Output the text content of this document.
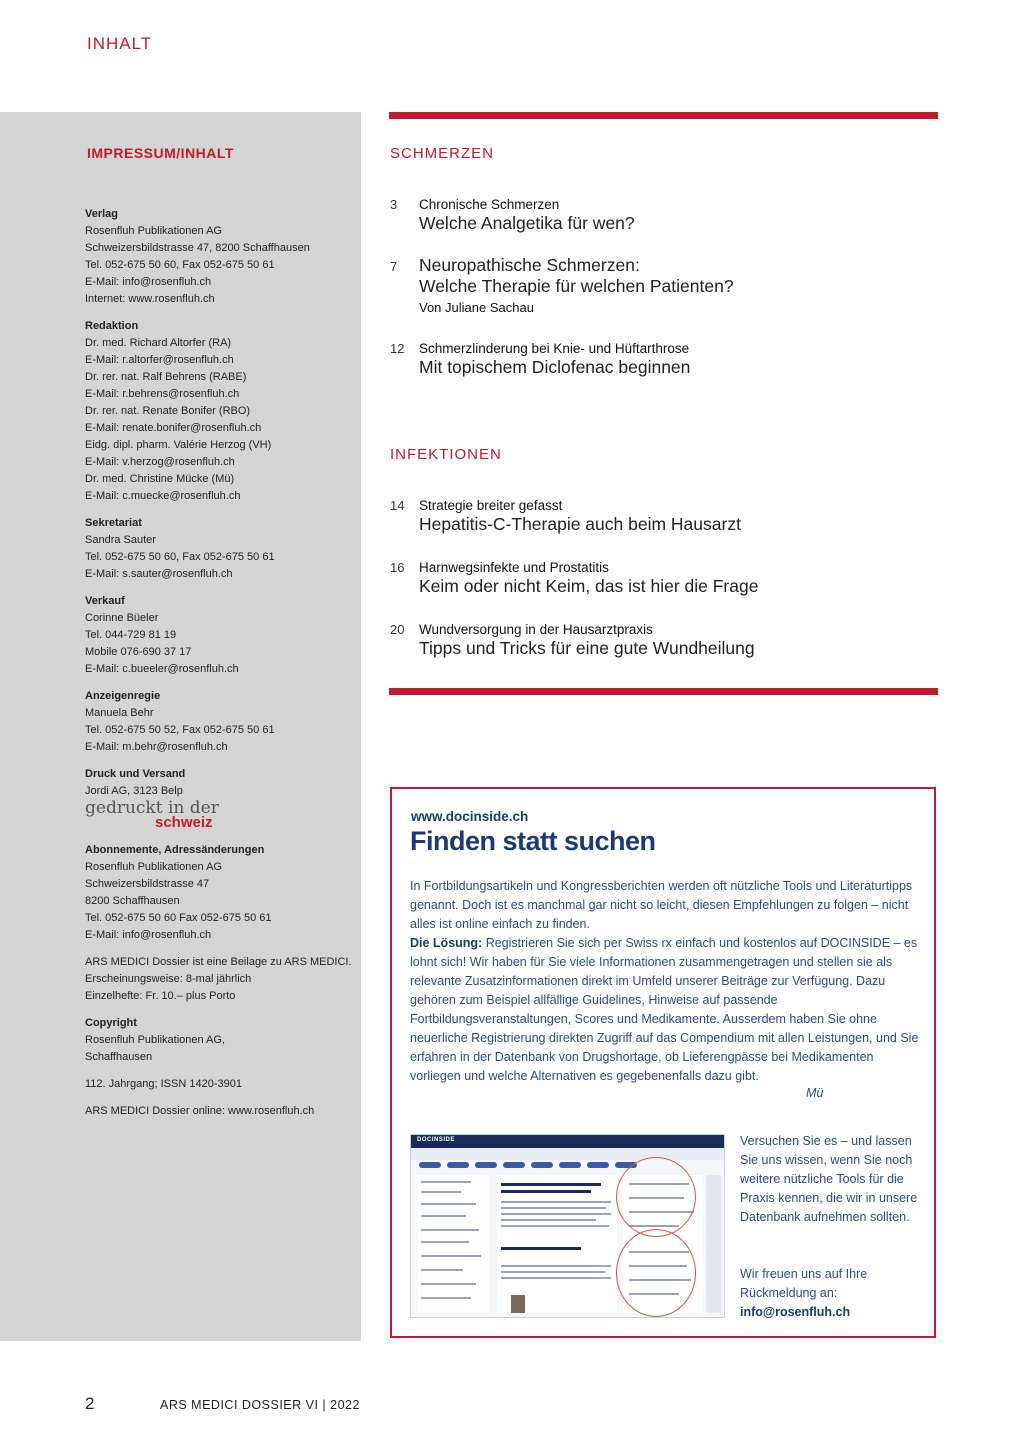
INHALT
IMPRESSUM/INHALT
Verlag
Rosenfluh Publikationen AG
Schweizersbildstrasse 47, 8200 Schaffhausen
Tel. 052-675 50 60, Fax 052-675 50 61
E-Mail: info@rosenfluh.ch
Internet: www.rosenfluh.ch
Redaktion
Dr. med. Richard Altorfer (RA)
E-Mail: r.altorfer@rosenfluh.ch
Dr. rer. nat. Ralf Behrens (RABE)
E-Mail: r.behrens@rosenfluh.ch
Dr. rer. nat. Renate Bonifer (RBO)
E-Mail: renate.bonifer@rosenfluh.ch
Eidg. dipl. pharm. Valérie Herzog (VH)
E-Mail: v.herzog@rosenfluh.ch
Dr. med. Christine Mücke (Mü)
E-Mail: c.muecke@rosenfluh.ch
Sekretariat
Sandra Sauter
Tel. 052-675 50 60, Fax 052-675 50 61
E-Mail: s.sauter@rosenfluh.ch
Verkauf
Corinne Büeler
Tel. 044-729 81 19
Mobile 076-690 37 17
E-Mail: c.bueeler@rosenfluh.ch
Anzeigenregie
Manuela Behr
Tel. 052-675 50 52, Fax 052-675 50 61
E-Mail: m.behr@rosenfluh.ch
Druck und Versand
Jordi AG, 3123 Belp
gedruckt in der
schweiz
Abonnemente, Adressänderungen
Rosenfluh Publikationen AG
Schweizersbildstrasse 47
8200 Schaffhausen
Tel. 052-675 50 60 Fax 052-675 50 61
E-Mail: info@rosenfluh.ch
ARS MEDICI Dossier ist eine Beilage zu ARS MEDICI.
Erscheinungsweise: 8-mal jährlich
Einzelhefte: Fr. 10.– plus Porto
Copyright
Rosenfluh Publikationen AG,
Schaffhausen
112. Jahrgang; ISSN 1420-3901
ARS MEDICI Dossier online: www.rosenfluh.ch
SCHMERZEN
3 Chronische Schmerzen
Welche Analgetika für wen?
7 Neuropathische Schmerzen:
Welche Therapie für welchen Patienten?
Von Juliane Sachau
12 Schmerzlinderung bei Knie- und Hüftarthrose
Mit topischem Diclofenac beginnen
INFEKTIONEN
14 Strategie breiter gefasst
Hepatitis-C-Therapie auch beim Hausarzt
16 Harnwegsinfekte und Prostatitis
Keim oder nicht Keim, das ist hier die Frage
20 Wundversorgung in der Hausarztpraxis
Tipps und Tricks für eine gute Wundheilung
www.docinside.ch
Finden statt suchen
In Fortbildungsartikeln und Kongressberichten werden oft nützliche Tools und Literaturtipps genannt. Doch ist es manchmal gar nicht so leicht, diesen Empfehlungen zu folgen – nicht alles ist online einfach zu finden.
Die Lösung: Registrieren Sie sich per Swiss rx einfach und kostenlos auf DOCINSIDE – es lohnt sich! Wir haben für Sie viele Informationen zusammengetragen und stellen sie als relevante Zusatzinformationen direkt im Umfeld unserer Beiträge zur Verfügung. Dazu gehören zum Beispiel allfällige Guidelines, Hinweise auf passende Fortbildungsveranstaltungen, Scores und Medikamente. Ausserdem haben Sie ohne neuerliche Registrierung direkten Zugriff auf das Compendium mit allen Leistungen, und Sie erfahren in der Datenbank von Drugshortage, ob Lieferengpässe bei Medikamenten vorliegen und welche Alternativen es gegebenenfalls dazu gibt.
Mü
DOCINSIDE	Versuchen Sie es – und lassen Sie uns wissen, wenn Sie noch weitere nützliche Tools für die Praxis kennen, die wir in unsere Datenbank aufnehmen sollten.
Wir freuen uns auf Ihre Rückmeldung an:
info@rosenfluh.ch
2	ARS MEDICI DOSSIER VI | 2022
